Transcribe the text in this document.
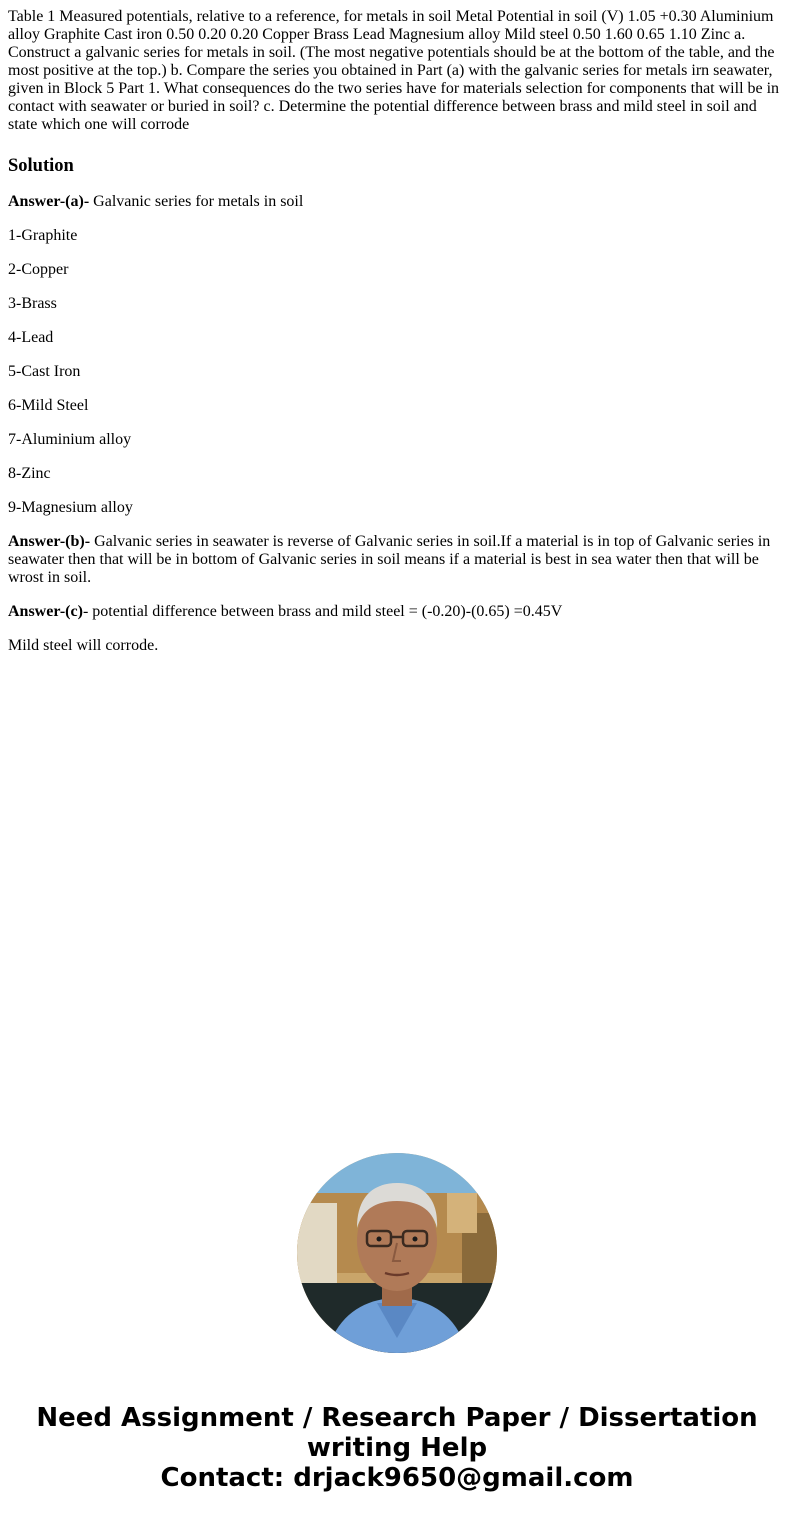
Table 1 Measured potentials, relative to a reference, for metals in soil Metal Potential in soil (V) 1.05 +0.30 Aluminium alloy Graphite Cast iron 0.50 0.20 0.20 Copper Brass Lead Magnesium alloy Mild steel 0.50 1.60 0.65 1.10 Zinc a. Construct a galvanic series for metals in soil. (The most negative potentials should be at the bottom of the table, and the most positive at the top.) b. Compare the series you obtained in Part (a) with the galvanic series for metals irn seawater, given in Block 5 Part 1. What consequences do the two series have for materials selection for components that will be in contact with seawater or buried in soil? c. Determine the potential difference between brass and mild steel in soil and state which one will corrode

Solution

Answer-(a)- Galvanic series for metals in soil

1-Graphite

2-Copper

3-Brass

4-Lead

5-Cast Iron

6-Mild Steel

7-Aluminium alloy

8-Zinc

9-Magnesium alloy

Answer-(b)- Galvanic series in seawater is reverse of Galvanic series in soil.If a material is in top of Galvanic series in seawater then that will be in bottom of Galvanic series in soil means if a material is best in sea water then that will be wrost in soil.

Answer-(c)- potential difference between brass and mild steel = (-0.20)-(0.65) =0.45V

Mild steel will corrode.

Need Assignment / Research Paper / Dissertation
writing Help
Contact: drjack9650@gmail.com
